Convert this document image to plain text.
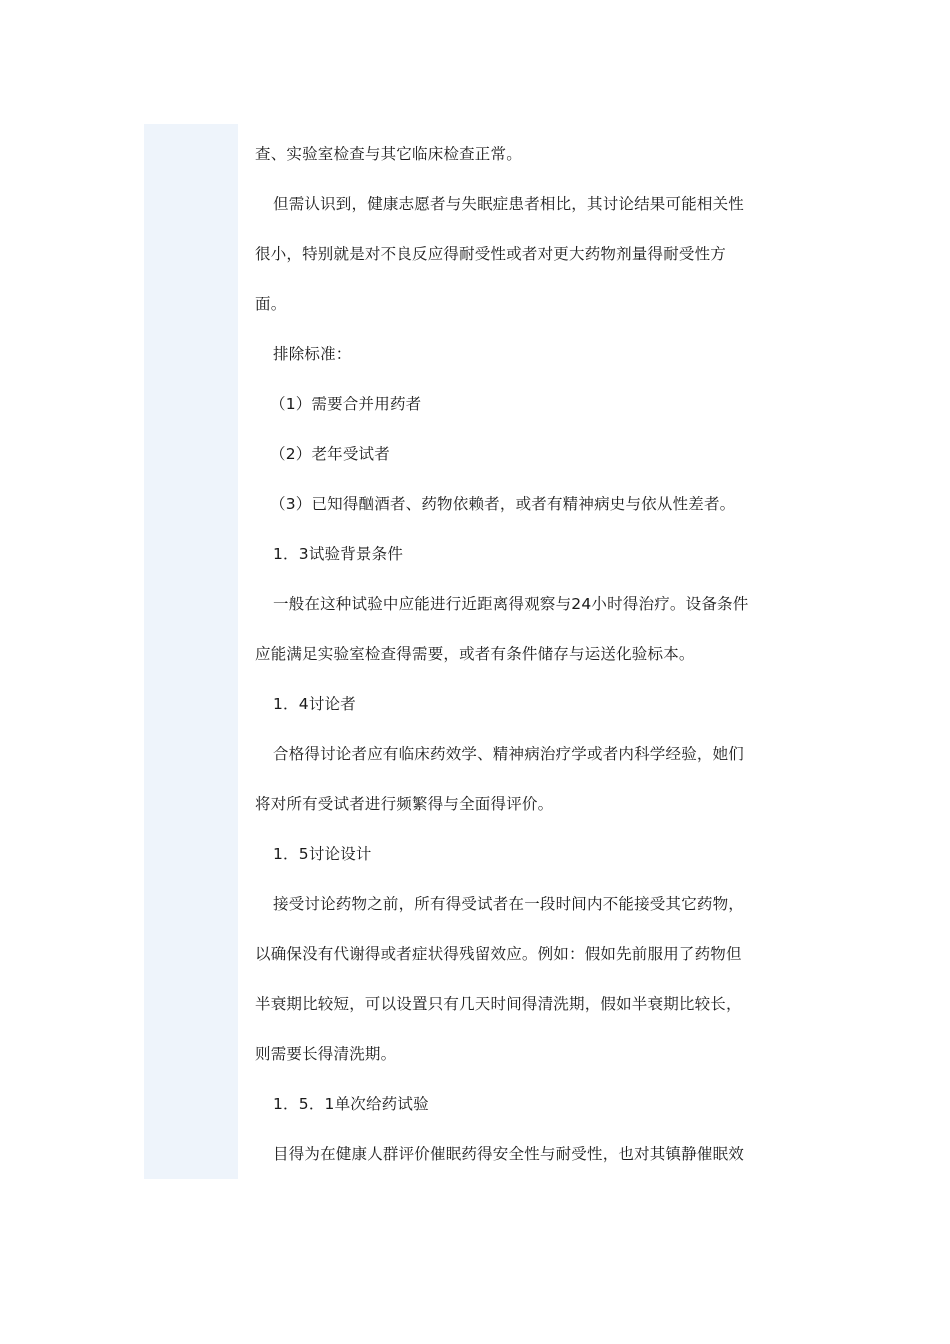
查、实验室检查与其它临床检查正常。
但需认识到，健康志愿者与失眠症患者相比，其讨论结果可能相关性
很小，特别就是对不良反应得耐受性或者对更大药物剂量得耐受性方
面。
排除标准：
（1）需要合并用药者
（2）老年受试者
（3）已知得酗酒者、药物依赖者，或者有精神病史与依从性差者。
1．3试验背景条件
一般在这种试验中应能进行近距离得观察与24小时得治疗。设备条件
应能满足实验室检查得需要，或者有条件储存与运送化验标本。
1．4讨论者
合格得讨论者应有临床药效学、精神病治疗学或者内科学经验，她们
将对所有受试者进行频繁得与全面得评价。
1．5讨论设计
接受讨论药物之前，所有得受试者在一段时间内不能接受其它药物，
以确保没有代谢得或者症状得残留效应。例如：假如先前服用了药物但
半衰期比较短，可以设置只有几天时间得清洗期，假如半衰期比较长，
则需要长得清洗期。
1．5．1单次给药试验
目得为在健康人群评价催眠药得安全性与耐受性，也对其镇静催眠效
